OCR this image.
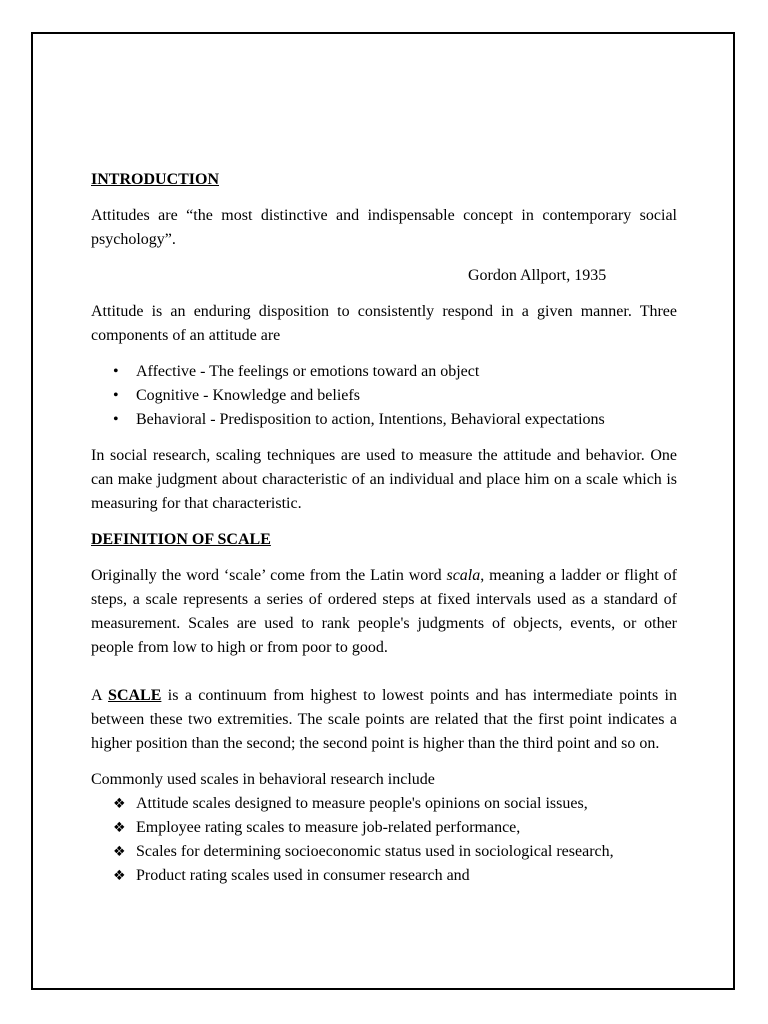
INTRODUCTION

Attitudes are “the most distinctive and indispensable concept in contemporary social psychology”.

Gordon Allport, 1935

Attitude is an enduring disposition to consistently respond in a given manner. Three components of an attitude are

• Affective - The feelings or emotions toward an object
• Cognitive - Knowledge and beliefs
• Behavioral - Predisposition to action, Intentions, Behavioral expectations

In social research, scaling techniques are used to measure the attitude and behavior. One can make judgment about characteristic of an individual and place him on a scale which is measuring for that characteristic.

DEFINITION OF SCALE

Originally the word ‘scale’ come from the Latin word scala, meaning a ladder or flight of steps, a scale represents a series of ordered steps at fixed intervals used as a standard of measurement. Scales are used to rank people's judgments of objects, events, or other people from low to high or from poor to good.

A SCALE is a continuum from highest to lowest points and has intermediate points in between these two extremities. The scale points are related that the first point indicates a higher position than the second; the second point is higher than the third point and so on.

Commonly used scales in behavioral research include

❖ Attitude scales designed to measure people's opinions on social issues,
❖ Employee rating scales to measure job-related performance,
❖ Scales for determining socioeconomic status used in sociological research,
❖ Product rating scales used in consumer research and
